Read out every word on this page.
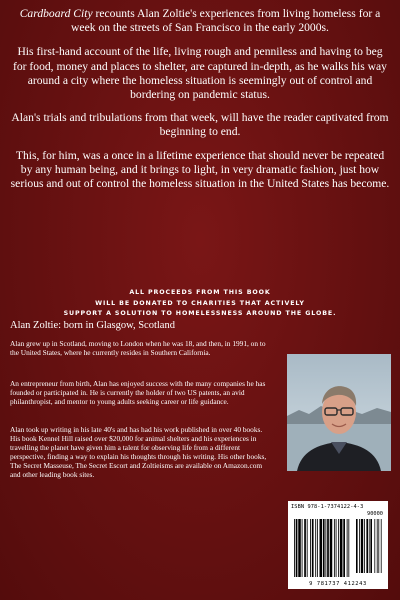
Cardboard City recounts Alan Zoltie's experiences from living homeless for a week on the streets of San Francisco in the early 2000s.

His first-hand account of the life, living rough and penniless and having to beg for food, money and places to shelter, are captured in-depth, as he walks his way around a city where the homeless situation is seemingly out of control and bordering on pandemic status.

Alan's trials and tribulations from that week, will have the reader captivated from beginning to end.

This, for him, was a once in a lifetime experience that should never be repeated by any human being, and it brings to light, in very dramatic fashion, just how serious and out of control the homeless situation in the United States has become.

ALL PROCEEDS FROM THIS BOOK
WILL BE DONATED TO CHARITIES THAT ACTIVELY
SUPPORT A SOLUTION TO HOMELESSNESS AROUND THE GLOBE.
Alan Zoltie: born in Glasgow, Scotland
Alan grew up in Scotland, moving to London when he was 18, and then, in 1991, on to the United States, where he currently resides in Southern California.
An entrepreneur from birth, Alan has enjoyed success with the many companies he has founded or participated in. He is currently the holder of two US patents, an avid philanthropist, and mentor to young adults seeking career or life guidance.
Alan took up writing in his late 40's and has had his work published in over 40 books. His book Kennel Hill raised over $20,000 for animal shelters and his experiences in travelling the planet have given him a talent for observing life from a different perspective, finding a way to explain his thoughts through his writing. His other books, The Secret Masseuse, The Secret Escort and Zoltieisms are available on Amazon.com and other leading book sites.
ISBN 978-1-7374122-4-3
90000
9 781737 412243
